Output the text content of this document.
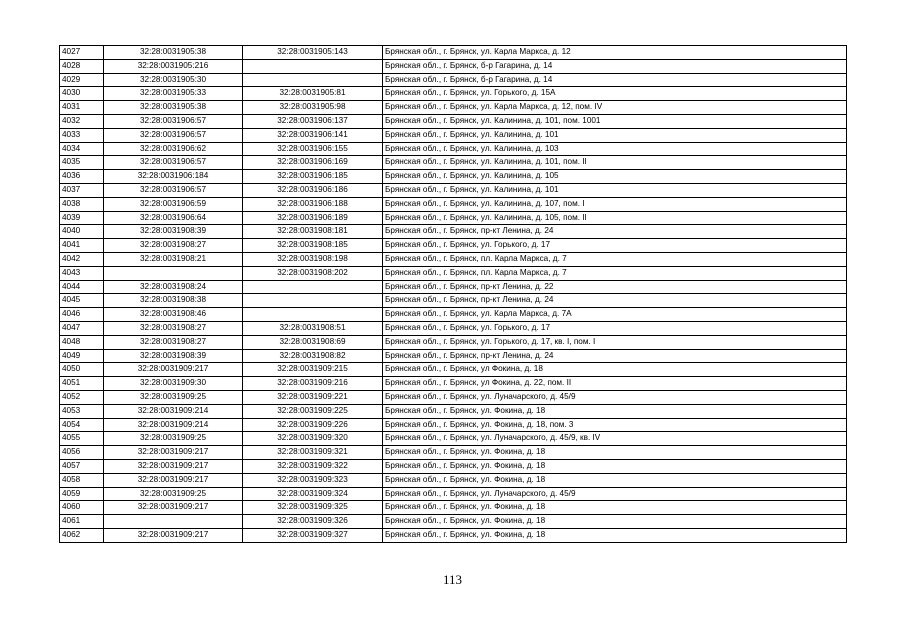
4027	32:28:0031905:38	32:28:0031905:143	Брянская обл., г. Брянск, ул. Карла Маркса, д. 12
4028	32:28:0031905:216		Брянская обл., г. Брянск, б-р Гагарина, д. 14
4029	32:28:0031905:30		Брянская обл., г. Брянск, б-р Гагарина, д. 14
4030	32:28:0031905:33	32:28:0031905:81	Брянская обл., г. Брянск, ул. Горького, д. 15А
4031	32:28:0031905:38	32:28:0031905:98	Брянская обл., г. Брянск, ул. Карла Маркса, д. 12, пом. IV
4032	32:28:0031906:57	32:28:0031906:137	Брянская обл., г. Брянск, ул. Калинина, д. 101, пом. 1001
4033	32:28:0031906:57	32:28:0031906:141	Брянская обл., г. Брянск, ул. Калинина, д. 101
4034	32:28:0031906:62	32:28:0031906:155	Брянская обл., г. Брянск, ул. Калинина, д. 103
4035	32:28:0031906:57	32:28:0031906:169	Брянская обл., г. Брянск, ул. Калинина, д. 101, пом. II
4036	32:28:0031906:184	32:28:0031906:185	Брянская обл., г. Брянск, ул. Калинина, д. 105
4037	32:28:0031906:57	32:28:0031906:186	Брянская обл., г. Брянск, ул. Калинина, д. 101
4038	32:28:0031906:59	32:28:0031906:188	Брянская обл., г. Брянск, ул. Калинина, д. 107, пом. I
4039	32:28:0031906:64	32:28:0031906:189	Брянская обл., г. Брянск, ул. Калинина, д. 105, пом. II
4040	32:28:0031908:39	32:28:0031908:181	Брянская обл., г. Брянск, пр-кт Ленина, д. 24
4041	32:28:0031908:27	32:28:0031908:185	Брянская обл., г. Брянск, ул. Горького, д. 17
4042	32:28:0031908:21	32:28:0031908:198	Брянская обл., г. Брянск, пл. Карла Маркса, д. 7
4043		32:28:0031908:202	Брянская обл., г. Брянск, пл. Карла Маркса, д. 7
4044	32:28:0031908:24		Брянская обл., г. Брянск, пр-кт Ленина, д. 22
4045	32:28:0031908:38		Брянская обл., г. Брянск, пр-кт Ленина, д. 24
4046	32:28:0031908:46		Брянская обл., г. Брянск, ул. Карла Маркса, д. 7А
4047	32:28:0031908:27	32:28:0031908:51	Брянская обл., г. Брянск, ул. Горького, д. 17
4048	32:28:0031908:27	32:28:0031908:69	Брянская обл., г. Брянск, ул. Горького, д. 17, кв. I, пом. I
4049	32:28:0031908:39	32:28:0031908:82	Брянская обл., г. Брянск, пр-кт Ленина, д. 24
4050	32:28:0031909:217	32:28:0031909:215	Брянская обл., г. Брянск, ул Фокина, д. 18
4051	32:28:0031909:30	32:28:0031909:216	Брянская обл., г. Брянск, ул Фокина, д. 22, пом. II
4052	32:28:0031909:25	32:28:0031909:221	Брянская обл., г. Брянск, ул. Луначарского, д. 45/9
4053	32:28:0031909:214	32:28:0031909:225	Брянская обл., г. Брянск, ул. Фокина, д. 18
4054	32:28:0031909:214	32:28:0031909:226	Брянская обл., г. Брянск, ул. Фокина, д. 18, пом. 3
4055	32:28:0031909:25	32:28:0031909:320	Брянская обл., г. Брянск, ул. Луначарского, д. 45/9, кв. IV
4056	32:28:0031909:217	32:28:0031909:321	Брянская обл., г. Брянск, ул. Фокина, д. 18
4057	32:28:0031909:217	32:28:0031909:322	Брянская обл., г. Брянск, ул. Фокина, д. 18
4058	32:28:0031909:217	32:28:0031909:323	Брянская обл., г. Брянск, ул. Фокина, д. 18
4059	32:28:0031909:25	32:28:0031909:324	Брянская обл., г. Брянск, ул. Луначарского, д. 45/9
4060	32:28:0031909:217	32:28:0031909:325	Брянская обл., г. Брянск, ул. Фокина, д. 18
4061		32:28:0031909:326	Брянская обл., г. Брянск, ул. Фокина, д. 18
4062	32:28:0031909:217	32:28:0031909:327	Брянская обл., г. Брянск, ул. Фокина, д. 18
113
